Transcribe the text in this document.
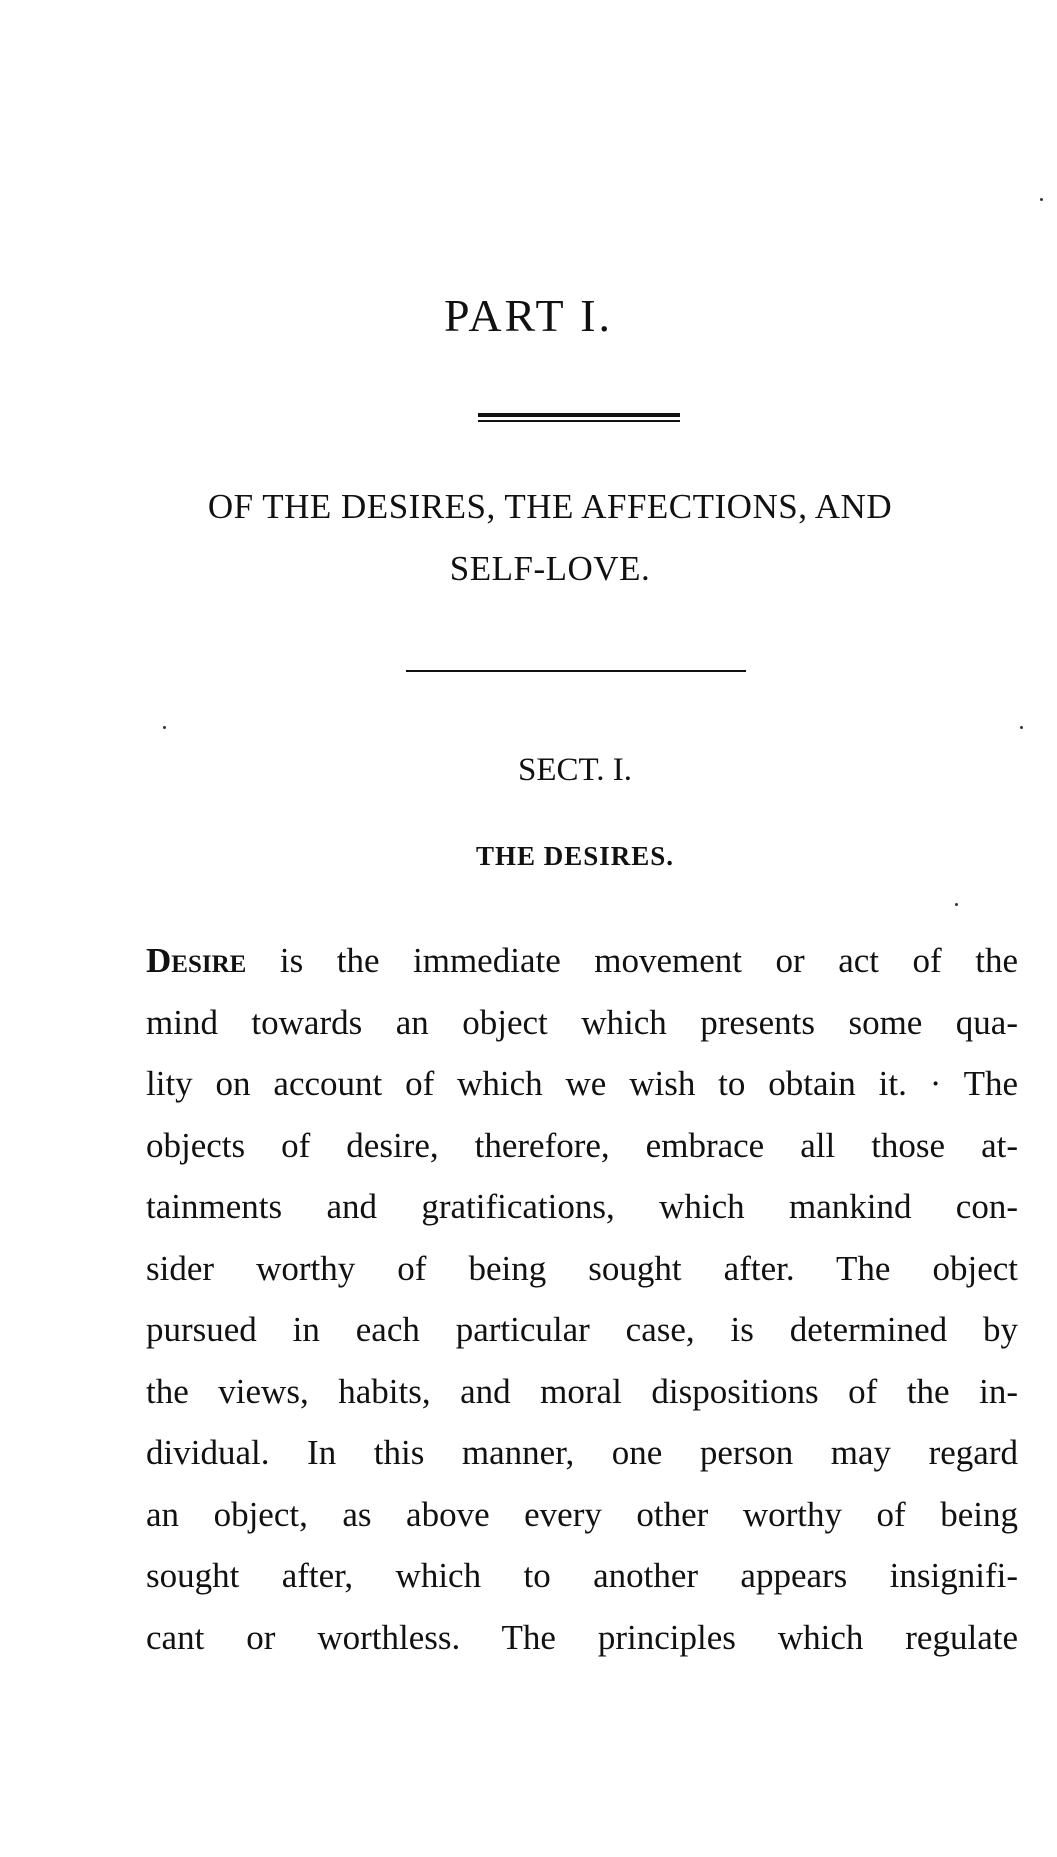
PART I.
OF THE DESIRES, THE AFFECTIONS, AND
SELF-LOVE.
SECT. I.
THE DESIRES.
Desire is the immediate movement or act of the
mind towards an object which presents some qua-
lity on account of which we wish to obtain it. · The
objects of desire, therefore, embrace all those at-
tainments and gratifications, which mankind con-
sider worthy of being sought after. The object
pursued in each particular case, is determined by
the views, habits, and moral dispositions of the in-
dividual. In this manner, one person may regard
an object, as above every other worthy of being
sought after, which to another appears insignifi-
cant or worthless. The principles which regulate
